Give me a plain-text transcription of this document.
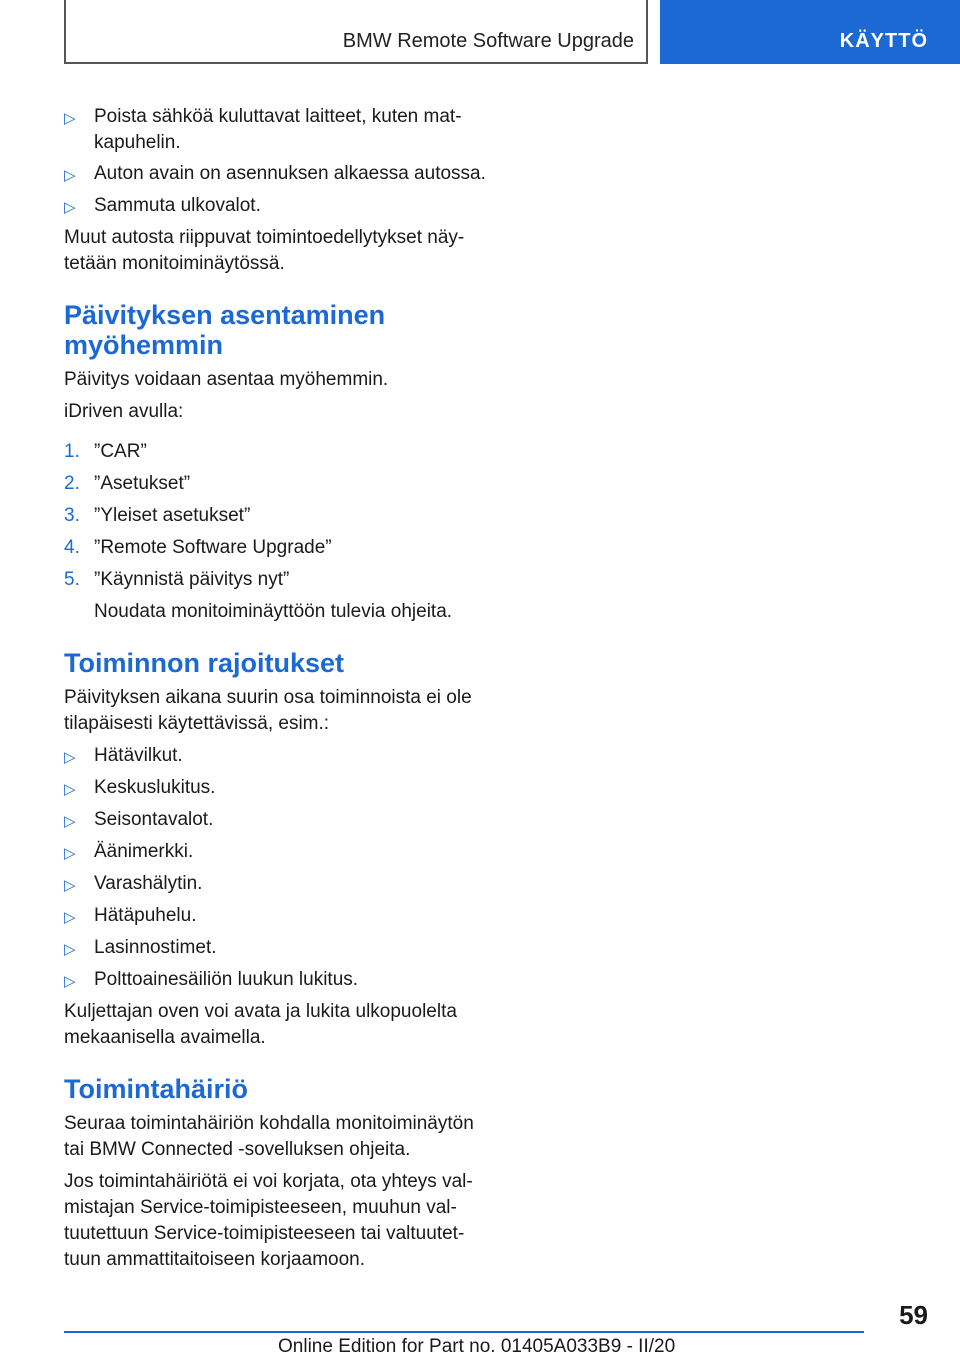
BMW Remote Software Upgrade	KÄYTTÖ
▷ Poista sähköä kuluttavat laitteet, kuten mat-
kapuhelin.
▷ Auton avain on asennuksen alkaessa autossa.
▷ Sammuta ulkovalot.
Muut autosta riippuvat toimintoedellytykset näy-
tetään monitoiminäytössä.
Päivityksen asentaminen
myöhemmin
Päivitys voidaan asentaa myöhemmin.
iDriven avulla:
1. ”CAR”
2. ”Asetukset”
3. ”Yleiset asetukset”
4. ”Remote Software Upgrade”
5. ”Käynnistä päivitys nyt”
Noudata monitoiminäyttöön tulevia ohjeita.
Toiminnon rajoitukset
Päivityksen aikana suurin osa toiminnoista ei ole
tilapäisesti käytettävissä, esim.:
▷ Hätävilkut.
▷ Keskuslukitus.
▷ Seisontavalot.
▷ Äänimerkki.
▷ Varashälytin.
▷ Hätäpuhelu.
▷ Lasinnostimet.
▷ Polttoainesäiliön luukun lukitus.
Kuljettajan oven voi avata ja lukita ulkopuolelta
mekaanisella avaimella.
Toimintahäiriö
Seuraa toimintahäiriön kohdalla monitoiminäytön
tai BMW Connected -sovelluksen ohjeita.
Jos toimintahäiriötä ei voi korjata, ota yhteys val-
mistajan Service-toimipisteeseen, muuhun val-
tuutettuun Service-toimipisteeseen tai valtuutet-
tuun ammattitaitoiseen korjaamoon.
59
Online Edition for Part no. 01405A033B9 - II/20
